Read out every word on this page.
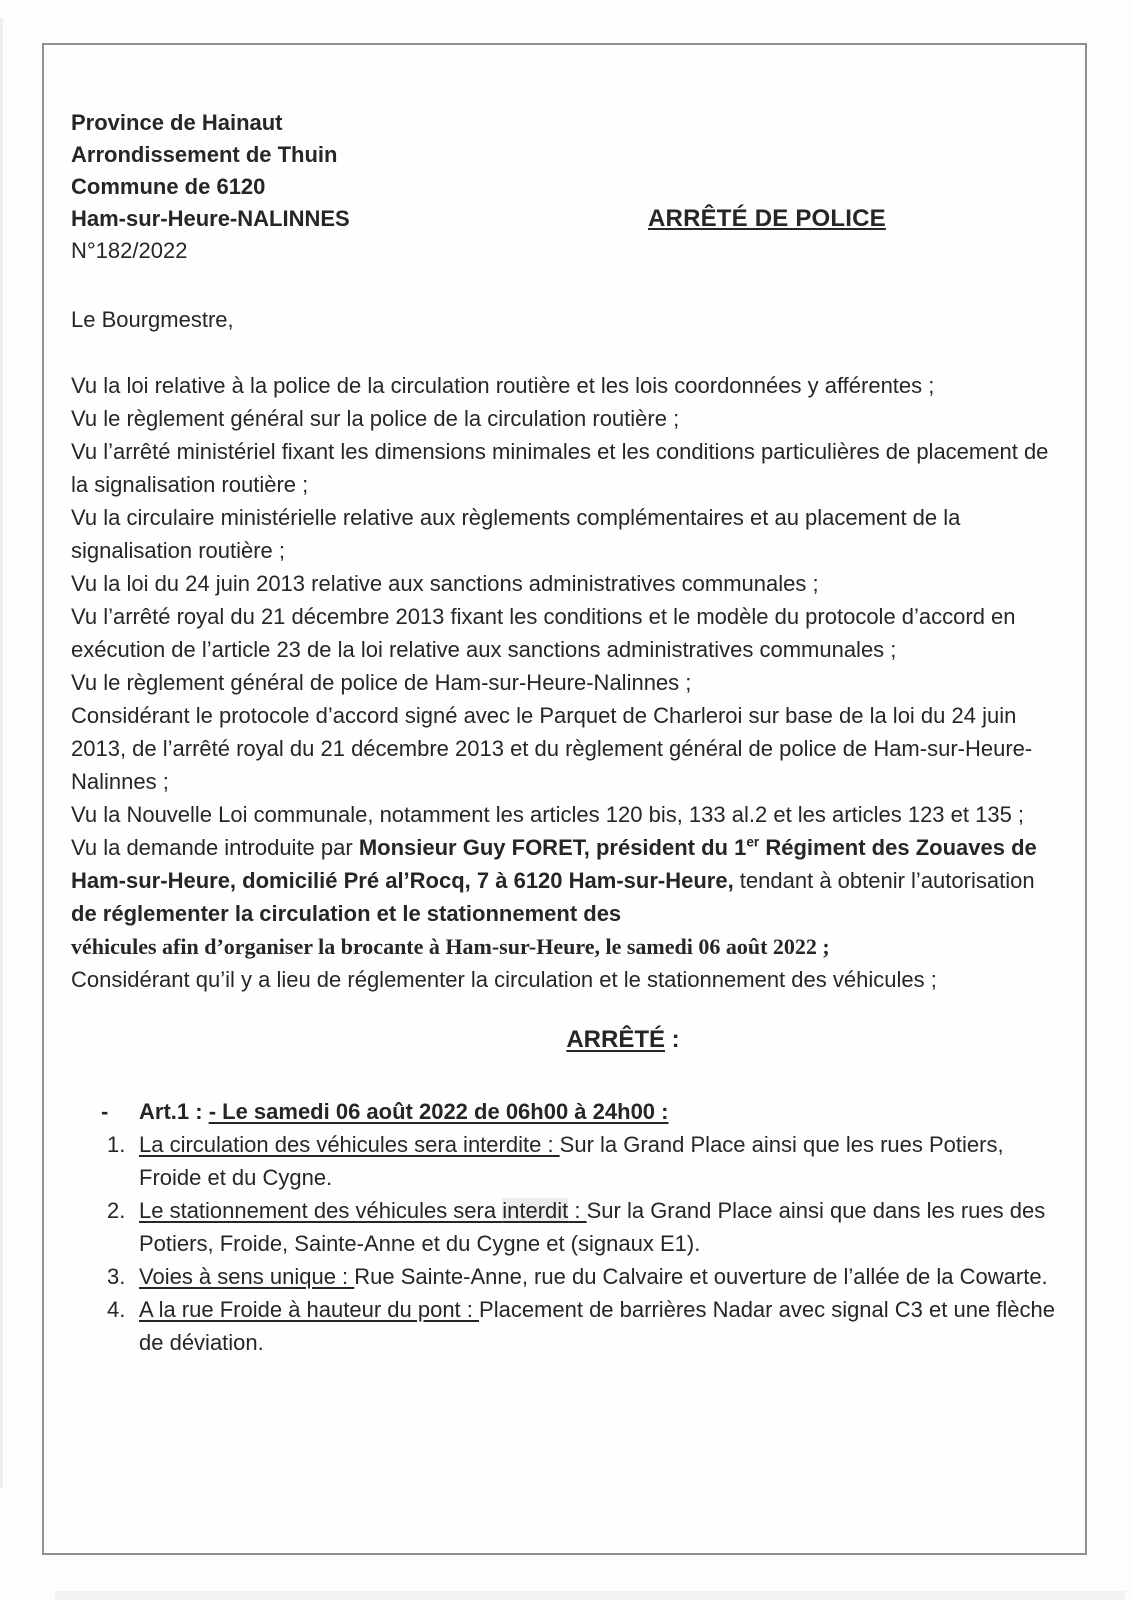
Province de Hainaut
Arrondissement de Thuin
Commune de 6120
Ham-sur-Heure-NALINNES
N°182/2022
ARRÊTÉ DE POLICE

Le Bourgmestre,

Vu la loi relative à la police de la circulation routière et les lois coordonnées y afférentes ;
Vu le règlement général sur la police de la circulation routière ;
Vu l’arrêté ministériel fixant les dimensions minimales et les conditions particulières de placement de la signalisation routière ;
Vu la circulaire ministérielle relative aux règlements complémentaires et au placement de la signalisation routière ;
Vu la loi du 24 juin 2013 relative aux sanctions administratives communales ;
Vu l’arrêté royal du 21 décembre 2013 fixant les conditions et le modèle du protocole d’accord en exécution de l’article 23 de la loi relative aux sanctions administratives communales ;
Vu le règlement général de police de Ham-sur-Heure-Nalinnes ;
Considérant le protocole d’accord signé avec le Parquet de Charleroi sur base de la loi du 24 juin 2013, de l’arrêté royal du 21 décembre 2013 et du règlement général de police de Ham-sur-Heure-Nalinnes ;
Vu la Nouvelle Loi communale, notamment les articles 120 bis, 133 al.2 et les articles 123 et 135 ;
Vu la demande introduite par Monsieur Guy FORET, président du 1er Régiment des Zouaves de Ham-sur-Heure, domicilié Pré al’Rocq, 7 à 6120 Ham-sur-Heure, tendant à obtenir l’autorisation de réglementer la circulation et le stationnement des
véhicules afin d’organiser la brocante à Ham-sur-Heure, le samedi 06 août 2022 ;
Considérant qu’il y a lieu de réglementer la circulation et le stationnement des véhicules ;
ARRÊTÉ :
-	Art.1 : - Le samedi 06 août 2022 de 06h00 à 24h00 :
1. La circulation des véhicules sera interdite : Sur la Grand Place ainsi que les rues Potiers, Froide et du Cygne.
2. Le stationnement des véhicules sera interdit : Sur la Grand Place ainsi que dans les rues des Potiers, Froide, Sainte-Anne et du Cygne et (signaux E1).
3. Voies à sens unique : Rue Sainte-Anne, rue du Calvaire et ouverture de l’allée de la Cowarte.
4. A la rue Froide à hauteur du pont : Placement de barrières Nadar avec signal C3 et une flèche de déviation.
